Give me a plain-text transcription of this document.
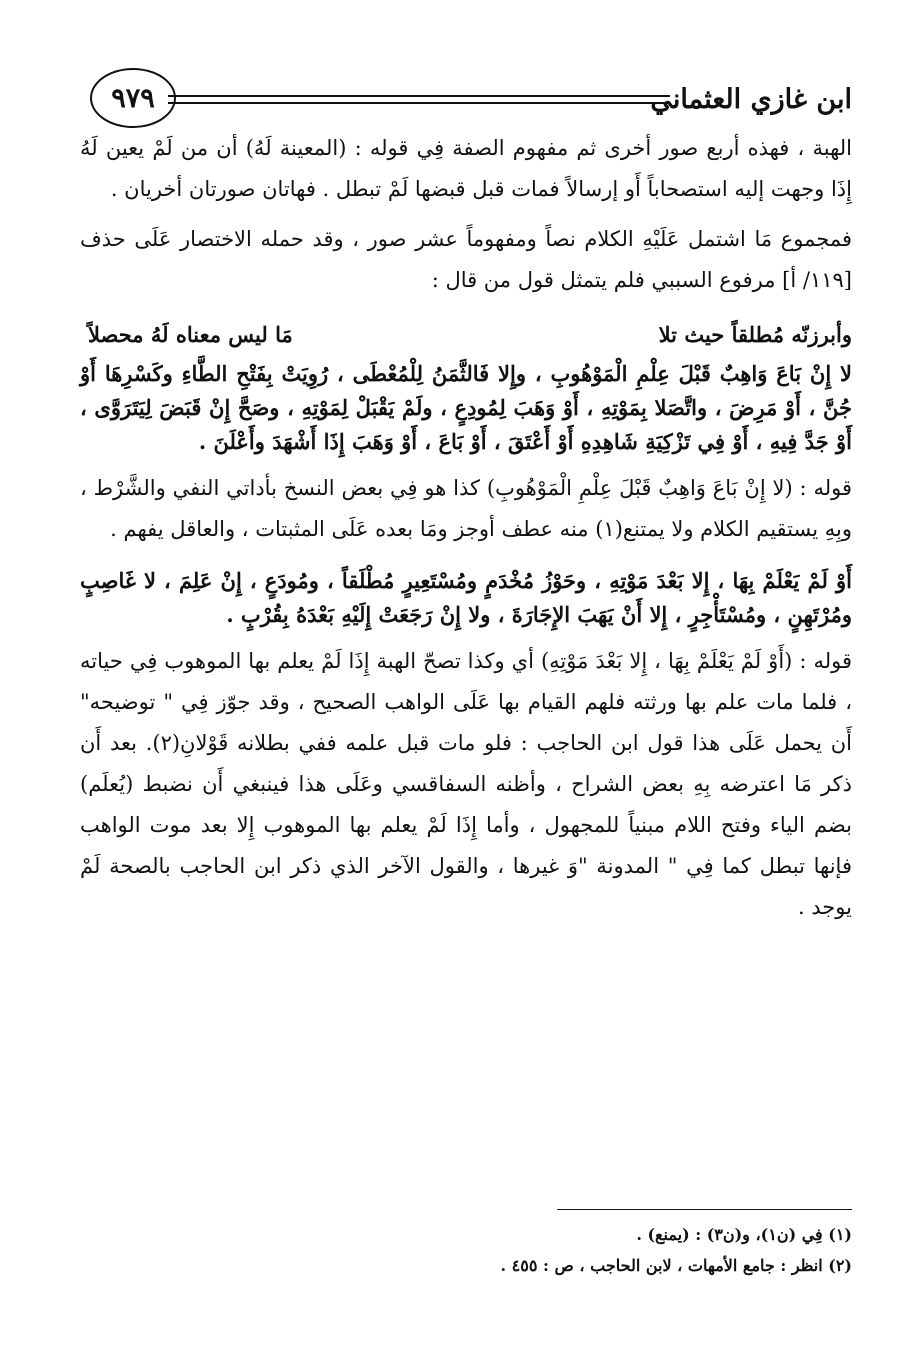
ابن غازي العثماني
٩٧٩

الهبة ، فهذه أربع صور أخرى ثم مفهوم الصفة فِي قوله : (المعينة لَهُ) أن من لَمْ يعين لَهُ إِذَا وجهت إليه استصحاباً أَو إرسالاً فمات قبل قبضها لَمْ تبطل . فهاتان صورتان أخريان .

فمجموع مَا اشتمل عَلَيْهِ الكلام نصاً ومفهوماً عشر صور ، وقد حمله الاختصار عَلَى حذف [١١٩/ أ] مرفوع السببي فلم يتمثل قول من قال :

وأبرزنّه مُطلقاً حيث تلا
مَا ليس معناه لَهُ محصلاً

لا إِنْ بَاعَ وَاهِبٌ قَبْلَ عِلْمِ الْمَوْهُوبِ ، وإِلا فَالثَّمَنُ لِلْمُعْطَى ، رُوِيَتْ بِفَتْحِ الطَّاءِ وكَسْرِهَا أَوْ جُنَّ ، أَوْ مَرِضَ ، واتَّصَلا بِمَوْتِهِ ، أَوْ وَهَبَ لِمُودِعٍ ، ولَمْ يَقْبَلْ لِمَوْتِهِ ، وصَحَّ إِنْ قَبَضَ لِيَتَرَوَّى ، أَوْ جَدَّ فِيهِ ، أَوْ فِي تَزْكِيَةِ شَاهِدِهِ أَوْ أَعْتَقَ ، أَوْ بَاعَ ، أَوْ وَهَبَ إِذَا أَشْهَدَ وأَعْلَنَ .

قوله : (لا إِنْ بَاعَ وَاهِبٌ قَبْلَ عِلْمِ الْمَوْهُوبِ) كذا هو فِي بعض النسخ بأداتي النفي والشَّرْط ، وبِهِ يستقيم الكلام ولا يمتنع(١) منه عطف أوجز ومَا بعده عَلَى المثبتات ، والعاقل يفهم .

أَوْ لَمْ يَعْلَمْ بِهَا ، إِلا بَعْدَ مَوْتِهِ ، وحَوْزُ مُخْدَمٍ ومُسْتَعِيرٍ مُطْلَقاً ، ومُودَعٍ ، إِنْ عَلِمَ ، لا غَاصِبٍ ومُرْتَهِنٍ ، ومُسْتَأْجِرٍ ، إِلا أَنْ يَهَبَ الإِجَارَةَ ، ولا إِنْ رَجَعَتْ إِلَيْهِ بَعْدَهُ بِقُرْبٍ .

قوله : (أَوْ لَمْ يَعْلَمْ بِهَا ، إِلا بَعْدَ مَوْتِهِ) أي وكذا تصحّ الهبة إِذَا لَمْ يعلم بها الموهوب فِي حياته ، فلما مات علم بها ورثته فلهم القيام بها عَلَى الواهب الصحيح ، وقد جوّز فِي " توضيحه" أَن يحمل عَلَى هذا قول ابن الحاجب : فلو مات قبل علمه ففي بطلانه قَوْلانِ(٢). بعد أَن ذكر مَا اعترضه بِهِ بعض الشراح ، وأظنه السفاقسي وعَلَى هذا فينبغي أَن نضبط (يُعلَم) بضم الياء وفتح اللام مبنياً للمجهول ، وأما إِذَا لَمْ يعلم بها الموهوب إِلا بعد موت الواهب فإنها تبطل كما فِي " المدونة "وَ غيرها ، والقول الآخر الذي ذكر ابن الحاجب بالصحة لَمْ يوجد .

(١) فِي (ن١)، و(ن٣) : (يمنع) .
(٢) انظر : جامع الأمهات ، لابن الحاجب ، ص : ٤٥٥ .
